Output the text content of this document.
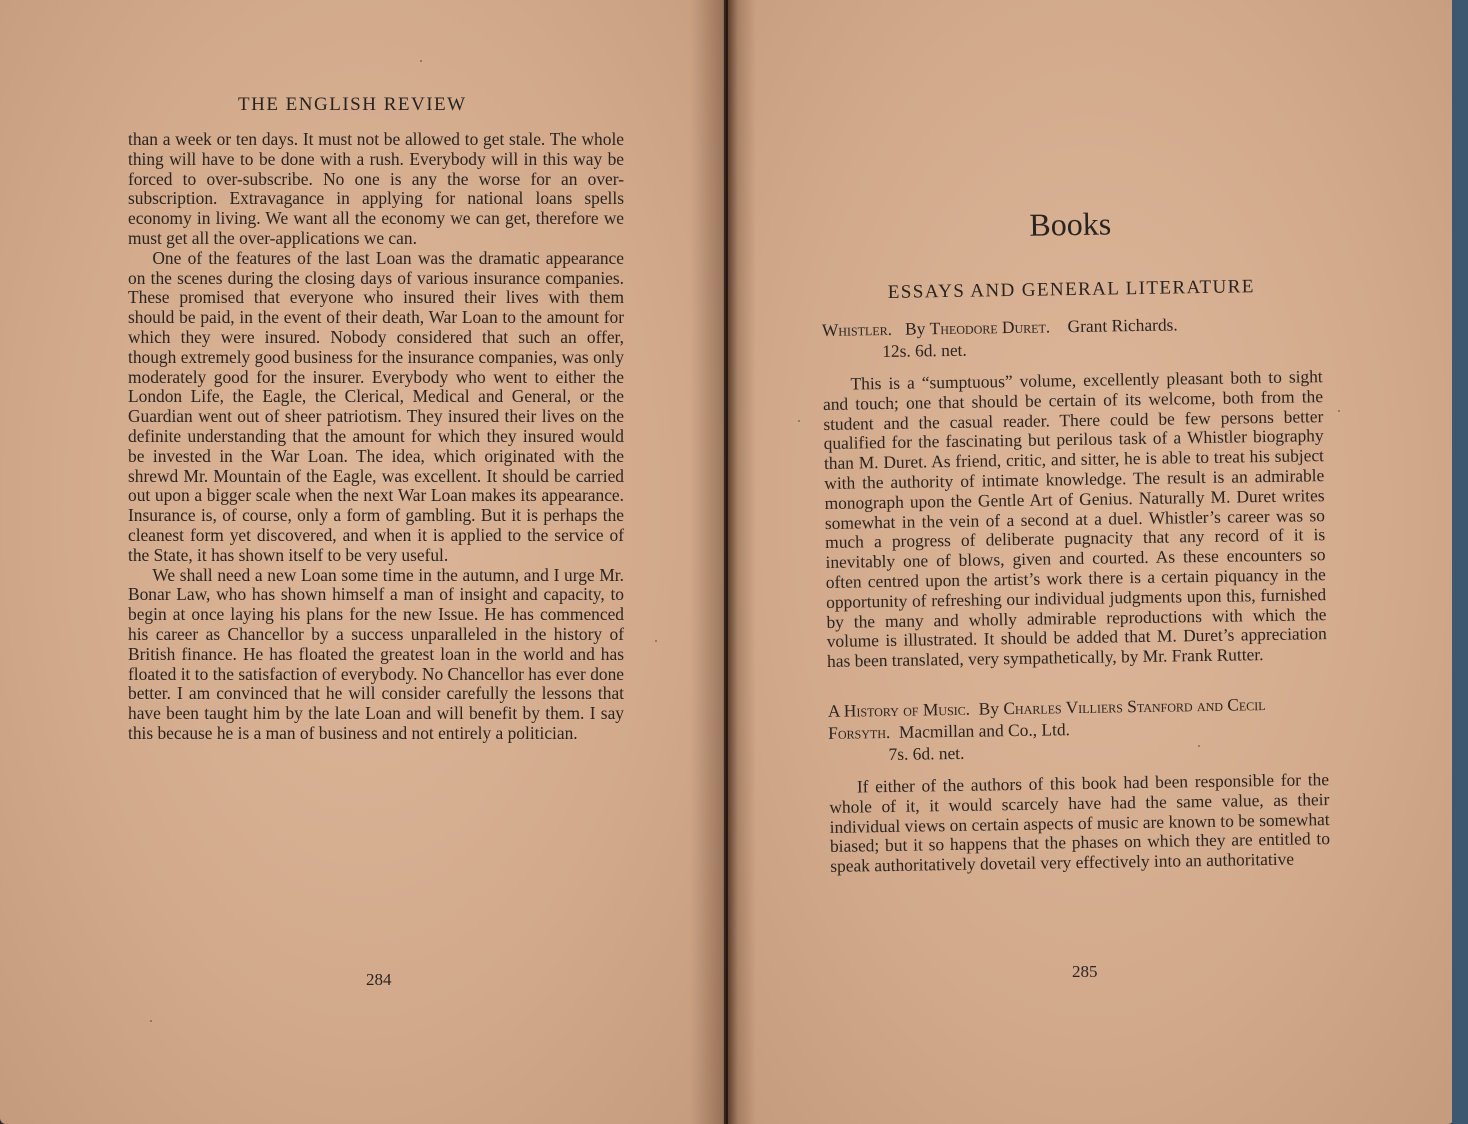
THE ENGLISH REVIEW

than a week or ten days. It must not be allowed to get stale. The whole thing will have to be done with a rush. Everybody will in this way be forced to over-subscribe. No one is any the worse for an over-subscription. Extravagance in applying for national loans spells economy in living. We want all the economy we can get, therefore we must get all the over-applications we can.

One of the features of the last Loan was the dramatic appearance on the scenes during the closing days of various insurance companies. These promised that everyone who insured their lives with them should be paid, in the event of their death, War Loan to the amount for which they were insured. Nobody considered that such an offer, though extremely good business for the insurance companies, was only moderately good for the insurer. Everybody who went to either the London Life, the Eagle, the Clerical, Medical and General, or the Guardian went out of sheer patriotism. They insured their lives on the definite understanding that the amount for which they insured would be invested in the War Loan. The idea, which originated with the shrewd Mr. Mountain of the Eagle, was excellent. It should be carried out upon a bigger scale when the next War Loan makes its appearance. Insurance is, of course, only a form of gambling. But it is perhaps the cleanest form yet discovered, and when it is applied to the service of the State, it has shown itself to be very useful.

We shall need a new Loan some time in the autumn, and I urge Mr. Bonar Law, who has shown himself a man of insight and capacity, to begin at once laying his plans for the new Issue. He has commenced his career as Chancellor by a success unparalleled in the history of British finance. He has floated the greatest loan in the world and has floated it to the satisfaction of everybody. No Chancellor has ever done better. I am convinced that he will consider carefully the lessons that have been taught him by the late Loan and will benefit by them. I say this because he is a man of business and not entirely a politician.

284
Books
ESSAYS AND GENERAL LITERATURE

Whistler. By Theodore Duret. Grant Richards.
12s. 6d. net.

This is a “sumptuous” volume, excellently pleasant both to sight and touch; one that should be certain of its welcome, both from the student and the casual reader. There could be few persons better qualified for the fascinating but perilous task of a Whistler biography than M. Duret. As friend, critic, and sitter, he is able to treat his subject with the authority of intimate knowledge. The result is an admirable monograph upon the Gentle Art of Genius. Naturally M. Duret writes somewhat in the vein of a second at a duel. Whistler’s career was so much a progress of deliberate pugnacity that any record of it is inevitably one of blows, given and courted. As these encounters so often centred upon the artist’s work there is a certain piquancy in the opportunity of refreshing our individual judgments upon this, furnished by the many and wholly admirable reproductions with which the volume is illustrated. It should be added that M. Duret’s appreciation has been translated, very sympathetically, by Mr. Frank Rutter.

A History of Music. By Charles Villiers Stanford and Cecil Forsyth. Macmillan and Co., Ltd.
7s. 6d. net.

If either of the authors of this book had been responsible for the whole of it, it would scarcely have had the same value, as their individual views on certain aspects of music are known to be somewhat biased; but it so happens that the phases on which they are entitled to speak authoritatively dovetail very effectively into an authoritative

285
